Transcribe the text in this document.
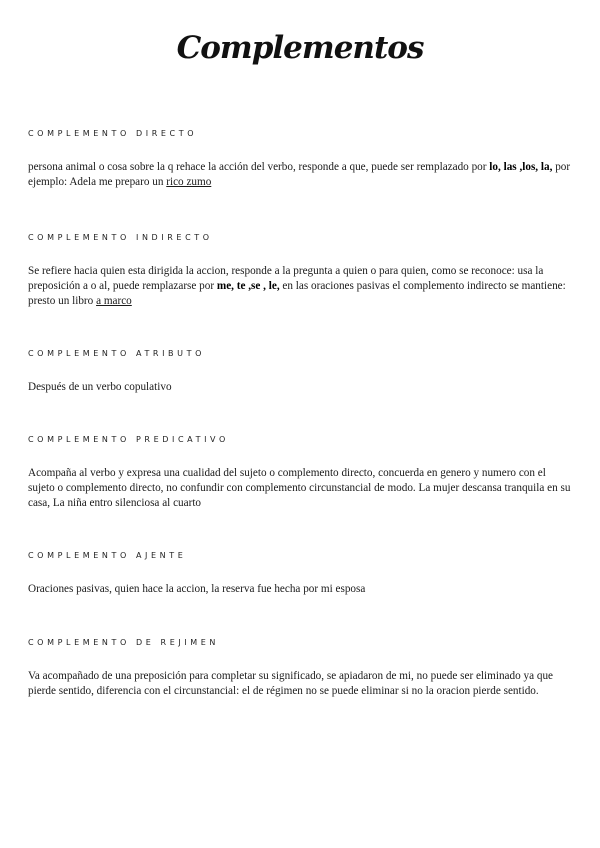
Complementos

COMPLEMENTO DIRECTO

persona animal o cosa sobre la q rehace la acción del verbo, responde a que, puede ser remplazado por lo, las ,los, la, por ejemplo: Adela me preparo un rico zumo

COMPLEMENTO INDIRECTO

Se refiere hacia quien esta dirigida la accion, responde a la pregunta a quien o para quien, como se reconoce: usa la preposición a o al, puede remplazarse por me, te ,se , le, en las oraciones pasivas el complemento indirecto se mantiene: presto un libro a marco

COMPLEMENTO ATRIBUTO

Después de un verbo copulativo

COMPLEMENTO PREDICATIVO

Acompaña al verbo y expresa una cualidad del sujeto o complemento directo, concuerda en genero y numero con el sujeto o complemento directo, no confundir con complemento circunstancial de modo. La mujer descansa tranquila en su casa, La niña entro silenciosa al cuarto

COMPLEMENTO AJENTE

Oraciones pasivas, quien hace la accion, la reserva fue hecha por mi esposa

COMPLEMENTO DE REJIMEN

Va acompañado de una preposición para completar su significado, se apiadaron de mi, no puede ser eliminado ya que pierde sentido, diferencia con el circunstancial: el de régimen no se puede eliminar si no la oracion pierde sentido.
